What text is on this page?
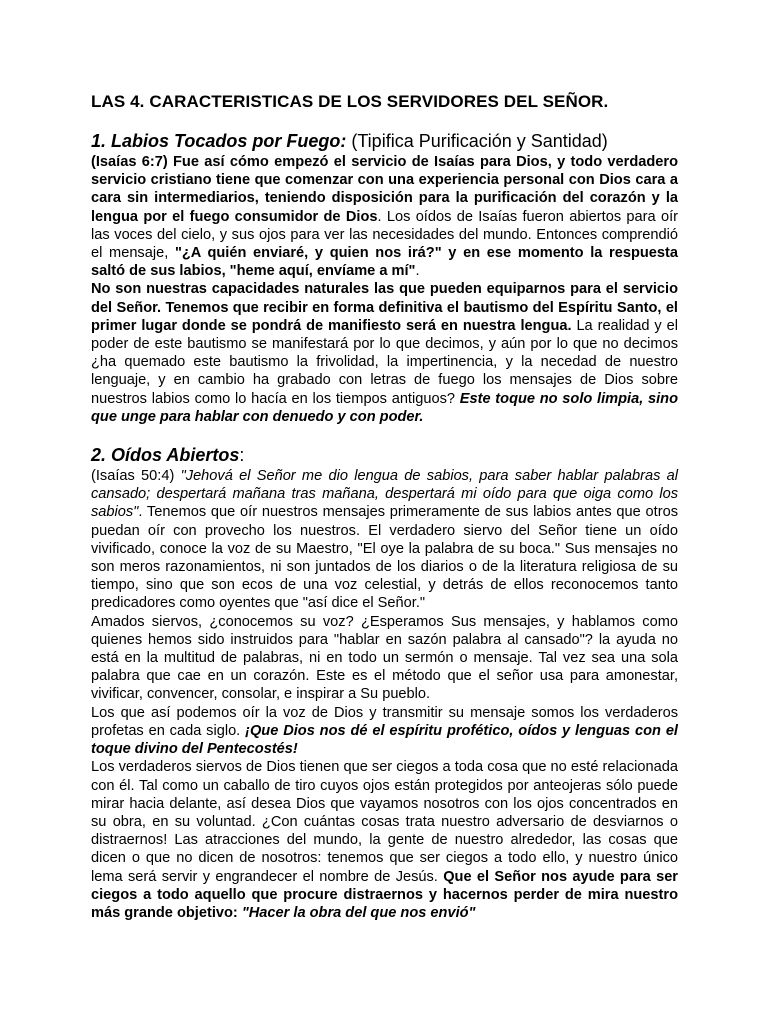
LAS 4. CARACTERISTICAS DE LOS SERVIDORES DEL SEÑOR.
1. Labios Tocados por Fuego: (Tipifica Purificación y Santidad)

(Isaías 6:7) Fue así cómo empezó el servicio de Isaías para Dios, y todo verdadero servicio cristiano tiene que comenzar con una experiencia personal con Dios cara a cara sin intermediarios, teniendo disposición para la purificación del corazón y la lengua por el fuego consumidor de Dios. Los oídos de Isaías fueron abiertos para oír las voces del cielo, y sus ojos para ver las necesidades del mundo. Entonces comprendió el mensaje, "¿A quién enviaré, y quien nos irá?" y en ese momento la respuesta saltó de sus labios, "heme aquí, envíame a mí".

No son nuestras capacidades naturales las que pueden equiparnos para el servicio del Señor. Tenemos que recibir en forma definitiva el bautismo del Espíritu Santo, el primer lugar donde se pondrá de manifiesto será en nuestra lengua. La realidad y el poder de este bautismo se manifestará por lo que decimos, y aún por lo que no decimos ¿ha quemado este bautismo la frivolidad, la impertinencia, y la necedad de nuestro lenguaje, y en cambio ha grabado con letras de fuego los mensajes de Dios sobre nuestros labios como lo hacía en los tiempos antiguos? Este toque no solo limpia, sino que unge para hablar con denuedo y con poder.

2. Oídos Abiertos:

(Isaías 50:4) "Jehová el Señor me dio lengua de sabios, para saber hablar palabras al cansado; despertará mañana tras mañana, despertará mi oído para que oiga como los sabios". Tenemos que oír nuestros mensajes primeramente de sus labios antes que otros puedan oír con provecho los nuestros. El verdadero siervo del Señor tiene un oído vivificado, conoce la voz de su Maestro, "El oye la palabra de su boca." Sus mensajes no son meros razonamientos, ni son juntados de los diarios o de la literatura religiosa de su tiempo, sino que son ecos de una voz celestial, y detrás de ellos reconocemos tanto predicadores como oyentes que "así dice el Señor."

Amados siervos, ¿conocemos su voz? ¿Esperamos Sus mensajes, y hablamos como quienes hemos sido instruidos para "hablar en sazón palabra al cansado"? la ayuda no está en la multitud de palabras, ni en todo un sermón o mensaje. Tal vez sea una sola palabra que cae en un corazón. Este es el método que el señor usa para amonestar, vivificar, convencer, consolar, e inspirar a Su pueblo.

Los que así podemos oír la voz de Dios y transmitir su mensaje somos los verdaderos profetas en cada siglo. ¡Que Dios nos dé el espíritu profético, oídos y lenguas con el toque divino del Pentecostés!

Los verdaderos siervos de Dios tienen que ser ciegos a toda cosa que no esté relacionada con él. Tal como un caballo de tiro cuyos ojos están protegidos por anteojeras sólo puede mirar hacia delante, así desea Dios que vayamos nosotros con los ojos concentrados en su obra, en su voluntad. ¿Con cuántas cosas trata nuestro adversario de desviarnos o distraernos! Las atracciones del mundo, la gente de nuestro alrededor, las cosas que dicen o que no dicen de nosotros: tenemos que ser ciegos a todo ello, y nuestro único lema será servir y engrandecer el nombre de Jesús. Que el Señor nos ayude para ser ciegos a todo aquello que procure distraernos y hacernos perder de mira nuestro más grande objetivo: "Hacer la obra del que nos envió"
